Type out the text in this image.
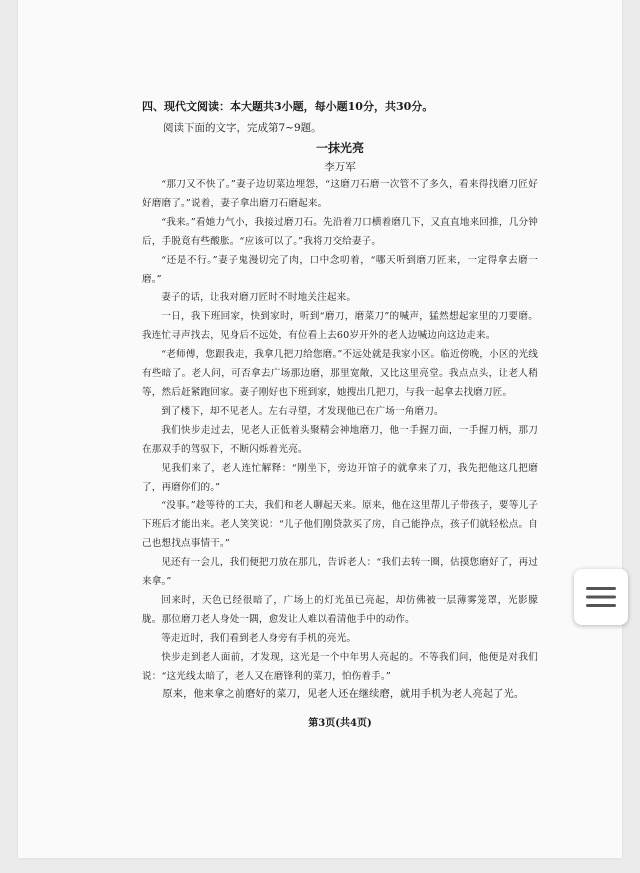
四、现代文阅读：本大题共3小题，每小题10分，共30分。
阅读下面的文字，完成第7~9题。
一抹光亮
李万军

“那刀又不快了。”妻子边切菜边埋怨，“这磨刀石磨一次管不了多久，看来得找磨刀匠好好磨磨了。”说着，妻子拿出磨刀石磨起来。

“我来。”看她力气小，我接过磨刀石。先沿着刀口横着磨几下，又直直地来回推，几分钟后，手脱竟有些酸胀。“应该可以了。”我将刀交给妻子。

“还是不行。”妻子鬼漫切完了肉，口中念叨着，“哪天听到磨刀匠来，一定得拿去磨一磨。”

妻子的话，让我对磨刀匠时不时地关注起来。

一日，我下班回家，快到家时，听到“磨刀，磨菜刀”的喊声，猛然想起家里的刀要磨。我连忙寻声找去，见身后不远处，有位看上去60岁开外的老人边喊边向这边走来。

“老师傅，您跟我走，我拿几把刀给您磨。”不远处就是我家小区。临近傍晚，小区的光线有些暗了。老人问，可否拿去广场那边磨，那里宽敞，又比这里亮堂。我点点头，让老人稍等，然后赶紧跑回家。妻子刚好也下班到家，她搜出几把刀，与我一起拿去找磨刀匠。

到了楼下，却不见老人。左右寻望，才发现他已在广场一角磨刀。

我们快步走过去，见老人正低着头聚精会神地磨刀，他一手握刀面，一手握刀柄，那刀在那双手的驾驭下，不断闪烁着光亮。

见我们来了，老人连忙解释：“刚坐下，旁边开馆子的就拿来了刀，我先把他这几把磨了，再磨你们的。”

“没事。”趁等待的工夫，我们和老人聊起天来。原来，他在这里帮儿子带孩子，要等儿子下班后才能出来。老人笑笑说：“儿子他们刚贷款买了房，自己能挣点，孩子们就轻松点。自己也想找点事情干。”

见还有一会儿，我们便把刀放在那儿，告诉老人：“我们去转一圈，估摸您磨好了，再过来拿。”

回来时，天色已经很暗了，广场上的灯光虽已亮起，却仿佛被一层薄雾笼罩，光影朦胧。那位磨刀老人身处一隅，愈发让人难以看清他手中的动作。

等走近时，我们看到老人身旁有手机的亮光。

快步走到老人面前，才发现，这光是一个中年男人亮起的。不等我们问，他便是对我们说：“这光线太暗了，老人又在磨锋利的菜刀，怕伤着手。”

原来，他来拿之前磨好的菜刀，见老人还在继续磨，就用手机为老人亮起了光。

第3页(共4页)
